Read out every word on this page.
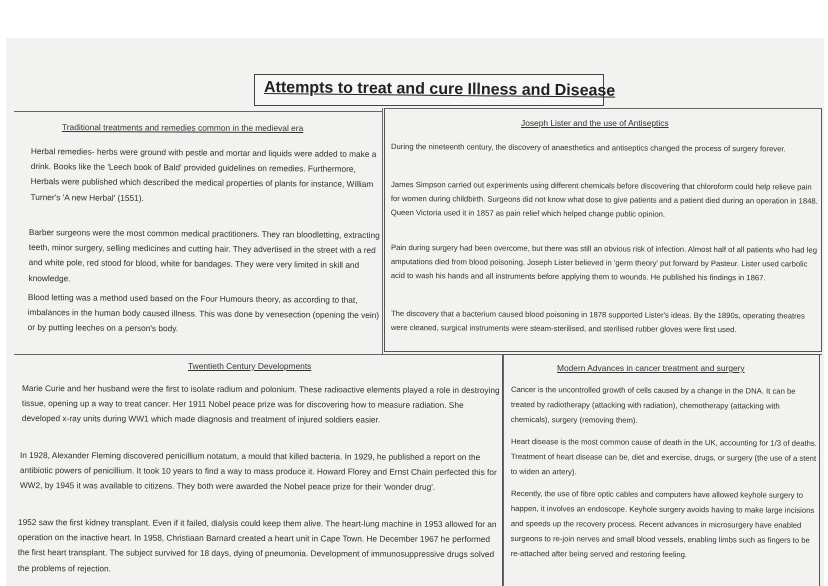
Attempts to treat and cure Illness and Disease
Traditional treatments and remedies common in the medieval era
Herbal remedies- herbs were ground with pestle and mortar and liquids were added to make a drink. Books like the 'Leech book of Bald' provided guidelines on remedies. Furthermore, Herbals were published which described the medical properties of plants for instance, William Turner's 'A new Herbal' (1551).
Barber surgeons were the most common medical practitioners. They ran bloodletting, extracting teeth, minor surgery, selling medicines and cutting hair. They advertised in the street with a red and white pole, red stood for blood, white for bandages. They were very limited in skill and knowledge.
Blood letting was a method used based on the Four Humours theory, as according to that, imbalances in the human body caused illness. This was done by venesection (opening the vein) or by putting leeches on a person's body.
Joseph Lister and the use of Antiseptics
During the nineteenth century, the discovery of anaesthetics and antiseptics changed the process of surgery forever.
James Simpson carried out experiments using different chemicals before discovering that chloroform could help relieve pain for women during childbirth. Surgeons did not know what dose to give patients and a patient died during an operation in 1848. Queen Victoria used it in 1857 as pain relief which helped change public opinion.
Pain during surgery had been overcome, but there was still an obvious risk of infection. Almost half of all patients who had leg amputations died from blood poisoning. Joseph Lister believed in 'germ theory' put forward by Pasteur. Lister used carbolic acid to wash his hands and all instruments before applying them to wounds. He published his findings in 1867.
The discovery that a bacterium caused blood poisoning in 1878 supported Lister's ideas. By the 1890s, operating theatres were cleaned, surgical instruments were steam-sterilised, and sterilised rubber gloves were first used.
Twentieth Century Developments
Marie Curie and her husband were the first to isolate radium and polonium. These radioactive elements played a role in destroying tissue, opening up a way to treat cancer. Her 1911 Nobel peace prize was for discovering how to measure radiation. She developed x-ray units during WW1 which made diagnosis and treatment of injured soldiers easier.
In 1928, Alexander Fleming discovered penicillium notatum, a mould that killed bacteria. In 1929, he published a report on the antibiotic powers of penicillium. It took 10 years to find a way to mass produce it. Howard Florey and Ernst Chain perfected this for WW2, by 1945 it was available to citizens. They both were awarded the Nobel peace prize for their 'wonder drug'.
1952 saw the first kidney transplant. Even if it failed, dialysis could keep them alive. The heart-lung machine in 1953 allowed for an operation on the inactive heart. In 1958, Christiaan Barnard created a heart unit in Cape Town. He December 1967 he performed the first heart transplant. The subject survived for 18 days, dying of pneumonia. Development of immunosuppressive drugs solved the problems of rejection.
Modern Advances in cancer treatment and surgery
Cancer is the uncontrolled growth of cells caused by a change in the DNA. It can be treated by radiotherapy (attacking with radiation), chemotherapy (attacking with chemicals), surgery (removing them).
Heart disease is the most common cause of death in the UK, accounting for 1/3 of deaths. Treatment of heart disease can be, diet and exercise, drugs, or surgery (the use of a stent to widen an artery).
Recently, the use of fibre optic cables and computers have allowed keyhole surgery to happen, it involves an endoscope. Keyhole surgery avoids having to make large incisions and speeds up the recovery process. Recent advances in microsurgery have enabled surgeons to re-join nerves and small blood vessels, enabling limbs such as fingers to be re-attached after being served and restoring feeling.
